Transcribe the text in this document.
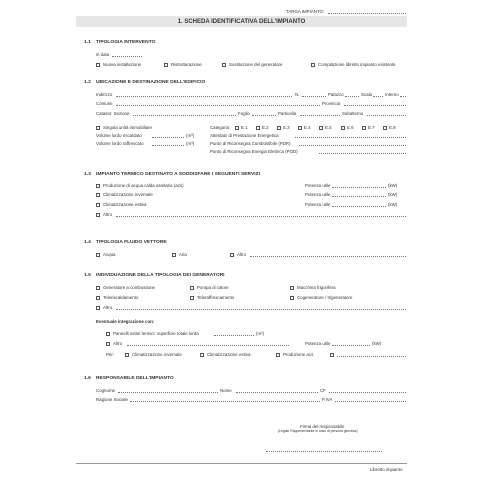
TARGA IMPIANTO:
1. SCHEDA IDENTIFICATIVA DELL'IMPIANTO
1.1 TIPOLOGIA INTERVENTO
in data
Nuova installazione	Ristrutturazione	Sostituzione del generatore	Compilazione libretto impianto esistente
1.2 UBICAZIONE E DESTINAZIONE DELL'EDIFICIO
Indirizzo	N.	Palazzo	Scala	Interno
Comune	Provincia
Catasto: Sezione	Foglio	Particella	Subalterno
Singola unità immobiliare	Categoria: E.1	E.2	E.3	E.4	E.5	E.6	E.7	E.8
Volume lordo riscaldato	(m³)	Attestato di Prestazione Energetica
Volume lordo raffrescato	(m³)	Punto di Riconsegna Combustibile (PDR)
Punto di Riconsegna Energia Elettrica (POD)
1.3 IMPIANTO TERMICO DESTINATO A SODDISFARE I SEGUENTI SERVIZI
Produzione di acqua calda sanitaria (acs)	Potenza utile	(kW)
Climatizzazione invernale	Potenza utile	(kW)
Climatizzazione estiva	Potenza utile	(kW)
Altro
1.4 TIPOLOGIA FLUIDO VETTORE
Acqua	Aria	Altro
1.5 INDIVIDUAZIONE DELLA TIPOLOGIA DEI GENERATORI
Generatore a combustione	Pompa di calore	Macchina frigorifera
Teleriscaldamento	Teleraffrescamento	Cogeneratore / trigeneratore
Altro
Eventuale integrazione con:
Pannelli solari termici: superficie totale lorda	(m²)
Altro	Potenza utile	(kW)
Per:	Climatizzazione invernale	Climatizzazione estiva	Produzione acs
1.6 RESPONSABILE DELL'IMPIANTO
Cognome	Nome	CF
Ragione Sociale	P.IVA
Firma del responsabile
(Legale Rappresentante in caso di persona giuridica)
Libretto impianto
